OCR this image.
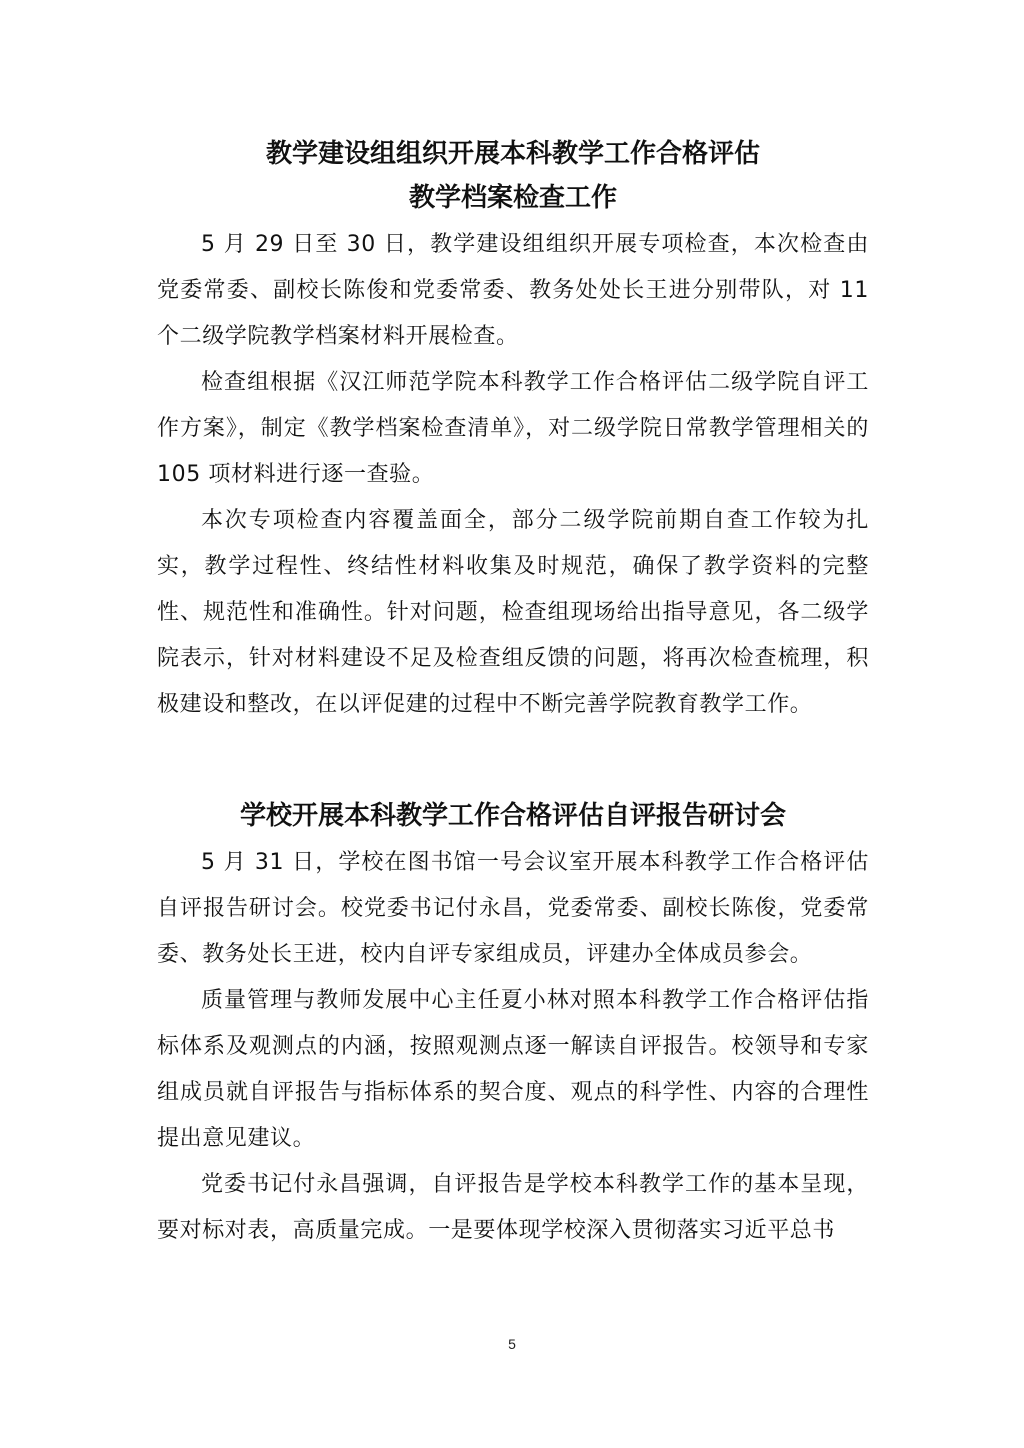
教学建设组组织开展本科教学工作合格评估
教学档案检查工作

5 月 29 日至 30 日，教学建设组组织开展专项检查，本次检查由党委常委、副校长陈俊和党委常委、教务处处长王进分别带队，对 11 个二级学院教学档案材料开展检查。

检查组根据《汉江师范学院本科教学工作合格评估二级学院自评工作方案》，制定《教学档案检查清单》，对二级学院日常教学管理相关的 105 项材料进行逐一查验。

本次专项检查内容覆盖面全，部分二级学院前期自查工作较为扎实，教学过程性、终结性材料收集及时规范，确保了教学资料的完整性、规范性和准确性。针对问题，检查组现场给出指导意见，各二级学院表示，针对材料建设不足及检查组反馈的问题，将再次检查梳理，积极建设和整改，在以评促建的过程中不断完善学院教育教学工作。

学校开展本科教学工作合格评估自评报告研讨会

5 月 31 日，学校在图书馆一号会议室开展本科教学工作合格评估自评报告研讨会。校党委书记付永昌，党委常委、副校长陈俊，党委常委、教务处长王进，校内自评专家组成员，评建办全体成员参会。

质量管理与教师发展中心主任夏小林对照本科教学工作合格评估指标体系及观测点的内涵，按照观测点逐一解读自评报告。校领导和专家组成员就自评报告与指标体系的契合度、观点的科学性、内容的合理性提出意见建议。

党委书记付永昌强调，自评报告是学校本科教学工作的基本呈现，要对标对表，高质量完成。一是要体现学校深入贯彻落实习近平总书

5
